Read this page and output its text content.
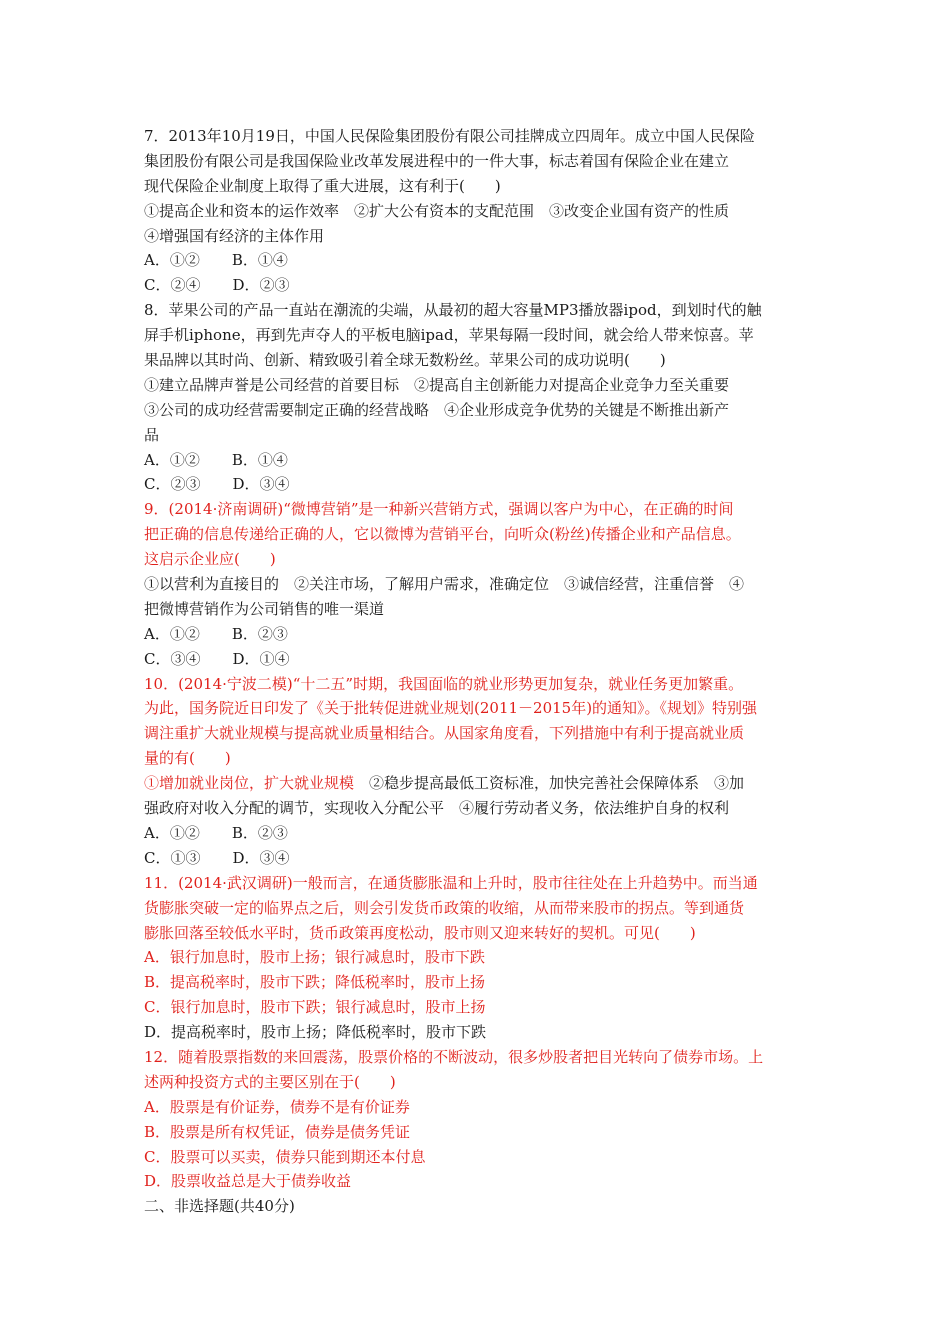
7．2013年10月19日，中国人民保险集团股份有限公司挂牌成立四周年。成立中国人民保险
集团股份有限公司是我国保险业改革发展进程中的一件大事，标志着国有保险企业在建立
现代保险企业制度上取得了重大进展，这有利于(　　)
①提高企业和资本的运作效率　②扩大公有资本的支配范围　③改变企业国有资产的性质
④增强国有经济的主体作用
A．①② B．①④
C．②④ D．②③
8．苹果公司的产品一直站在潮流的尖端，从最初的超大容量MP3播放器ipod，到划时代的触
屏手机iphone，再到先声夺人的平板电脑ipad，苹果每隔一段时间，就会给人带来惊喜。苹
果品牌以其时尚、创新、精致吸引着全球无数粉丝。苹果公司的成功说明(　　)
①建立品牌声誉是公司经营的首要目标　②提高自主创新能力对提高企业竞争力至关重要
③公司的成功经营需要制定正确的经营战略　④企业形成竞争优势的关键是不断推出新产
品
A．①② B．①④
C．②③ D．③④
9．(2014·济南调研)“微博营销”是一种新兴营销方式，强调以客户为中心，在正确的时间
把正确的信息传递给正确的人，它以微博为营销平台，向听众(粉丝)传播企业和产品信息。
这启示企业应(　　)
①以营利为直接目的　②关注市场，了解用户需求，准确定位　③诚信经营，注重信誉　④
把微博营销作为公司销售的唯一渠道
A．①② B．②③
C．③④ D．①④
10．(2014·宁波二模)“十二五”时期，我国面临的就业形势更加复杂，就业任务更加繁重。
为此，国务院近日印发了《关于批转促进就业规划(2011－2015年)的通知》。《规划》特别强
调注重扩大就业规模与提高就业质量相结合。从国家角度看，下列措施中有利于提高就业质
量的有(　　)
①增加就业岗位，扩大就业规模　②稳步提高最低工资标准，加快完善社会保障体系　③加
强政府对收入分配的调节，实现收入分配公平　④履行劳动者义务，依法维护自身的权利
A．①② B．②③
C．①③ D．③④
11．(2014·武汉调研)一般而言，在通货膨胀温和上升时，股市往往处在上升趋势中。而当通
货膨胀突破一定的临界点之后，则会引发货币政策的收缩，从而带来股市的拐点。等到通货
膨胀回落至较低水平时，货币政策再度松动，股市则又迎来转好的契机。可见(　　)
A．银行加息时，股市上扬；银行减息时，股市下跌
B．提高税率时，股市下跌；降低税率时，股市上扬
C．银行加息时，股市下跌；银行减息时，股市上扬
D．提高税率时，股市上扬；降低税率时，股市下跌
12．随着股票指数的来回震荡，股票价格的不断波动，很多炒股者把目光转向了债券市场。上
述两种投资方式的主要区别在于(　　)
A．股票是有价证券，债券不是有价证券
B．股票是所有权凭证，债券是债务凭证
C．股票可以买卖，债券只能到期还本付息
D．股票收益总是大于债券收益
二、非选择题(共40分)
